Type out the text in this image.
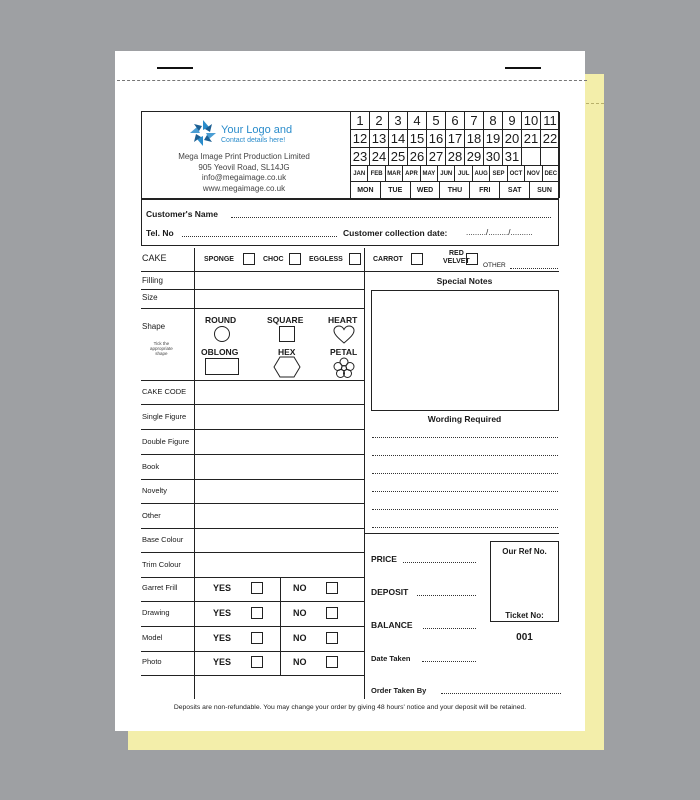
Your Logo and
Contact details here!
Mega Image Print Production Limited
905 Yeovil Road, SL14JG
info@megaimage.co.uk
www.megaimage.co.uk
1 2 3 4 5 6 7 8 9 10 11
12 13 14 15 16 17 18 19 20 21 22
23 24 25 26 27 28 29 30 31
JAN FEB MAR APR MAY JUN JUL AUG SEP OCT NOV DEC
MON	TUE	WED	THU	FRI	SAT	SUN
Customer's Name
Tel. No	Customer collection date: ........./........./..........
CAKE	SPONGE	CHOC	EGGLESS	CARROT
RED
VELVET
OTHER
Filling
Size
Shape
Tick the
appropriate
shape
ROUND	SQUARE	HEART
OBLONG	HEX	PETAL
CAKE CODE
Single Figure
Double Figure
Book
Novelty
Other
Base Colour
Trim Colour
Garret Frill	YES	NO
Drawing	YES	NO
Model	YES	NO
Photo	YES	NO
Special Notes
Wording Required
PRICE
DEPOSIT
BALANCE
Date Taken
Order Taken By
Our Ref No.
Ticket No:
001
Deposits are non-refundable. You may change your order by giving 48 hours' notice and your deposit will be retained.
